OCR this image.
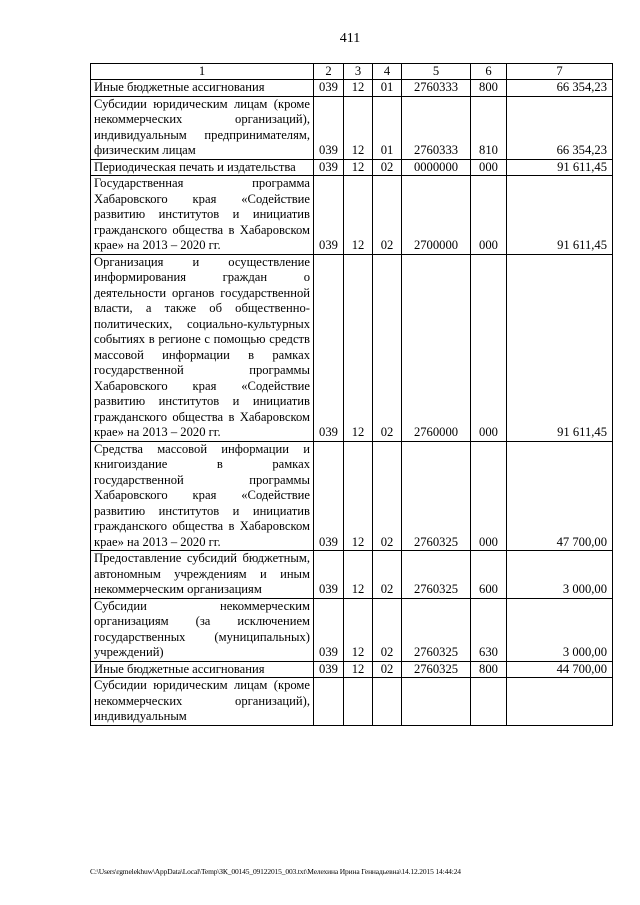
411
1	2	3	4	5	6	7
Иные бюджетные ассигнования	039	12	01	2760333	800	66 354,23
Субсидии юридическим лицам (кроме некоммерческих организаций), индивидуальным предпринимателям, физическим лицам	039	12	01	2760333	810	66 354,23
Периодическая печать и издательства	039	12	02	0000000	000	91 611,45
Государственная программа Хабаровского края «Содействие развитию институтов и инициатив гражданского общества в Хабаровском крае» на 2013 – 2020 гг.	039	12	02	2700000	000	91 611,45
Организация и осуществление информирования граждан о деятельности органов государственной власти, а также об общественно-политических, социально-культурных событиях в регионе с помощью средств массовой информации в рамках государственной программы Хабаровского края «Содействие развитию институтов и инициатив гражданского общества в Хабаровском крае» на 2013 – 2020 гг.	039	12	02	2760000	000	91 611,45
Средства массовой информации и книгоиздание в рамках государственной программы Хабаровского края «Содействие развитию институтов и инициатив гражданского общества в Хабаровском крае» на 2013 – 2020 гг.	039	12	02	2760325	000	47 700,00
Предоставление субсидий бюджетным, автономным учреждениям и иным некоммерческим организациям	039	12	02	2760325	600	3 000,00
Субсидии некоммерческим организациям (за исключением государственных (муниципальных) учреждений)	039	12	02	2760325	630	3 000,00
Иные бюджетные ассигнования	039	12	02	2760325	800	44 700,00
Субсидии юридическим лицам (кроме некоммерческих организаций), индивидуальным						
C:\Users\rgmelekhuw\AppData\Local\Temp\ЗК_00145_09122015_003.txt\Мелехина Ирина Геннадьевна\14.12.2015 14:44:24
